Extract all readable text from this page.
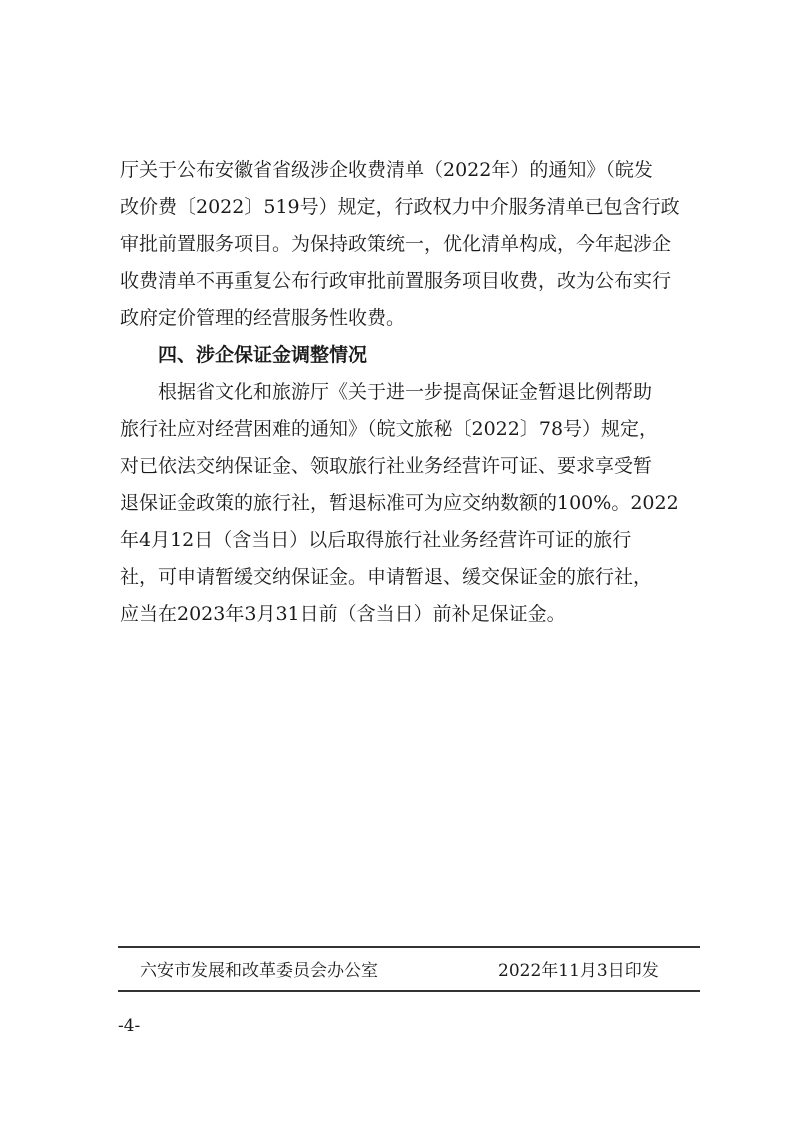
厅关于公布安徽省省级涉企收费清单（2022年）的通知》（皖发
改价费〔2022〕519号）规定，行政权力中介服务清单已包含行政
审批前置服务项目。为保持政策统一，优化清单构成，今年起涉企
收费清单不再重复公布行政审批前置服务项目收费，改为公布实行
政府定价管理的经营服务性收费。
四、涉企保证金调整情况
根据省文化和旅游厅《关于进一步提高保证金暂退比例帮助
旅行社应对经营困难的通知》（皖文旅秘〔2022〕78号）规定，
对已依法交纳保证金、领取旅行社业务经营许可证、要求享受暂
退保证金政策的旅行社，暂退标准可为应交纳数额的100%。2022
年4月12日（含当日）以后取得旅行社业务经营许可证的旅行
社，可申请暂缓交纳保证金。申请暂退、缓交保证金的旅行社，
应当在2023年3月31日前（含当日）前补足保证金。
六安市发展和改革委员会办公室	2022年11月3日印发
-4-
